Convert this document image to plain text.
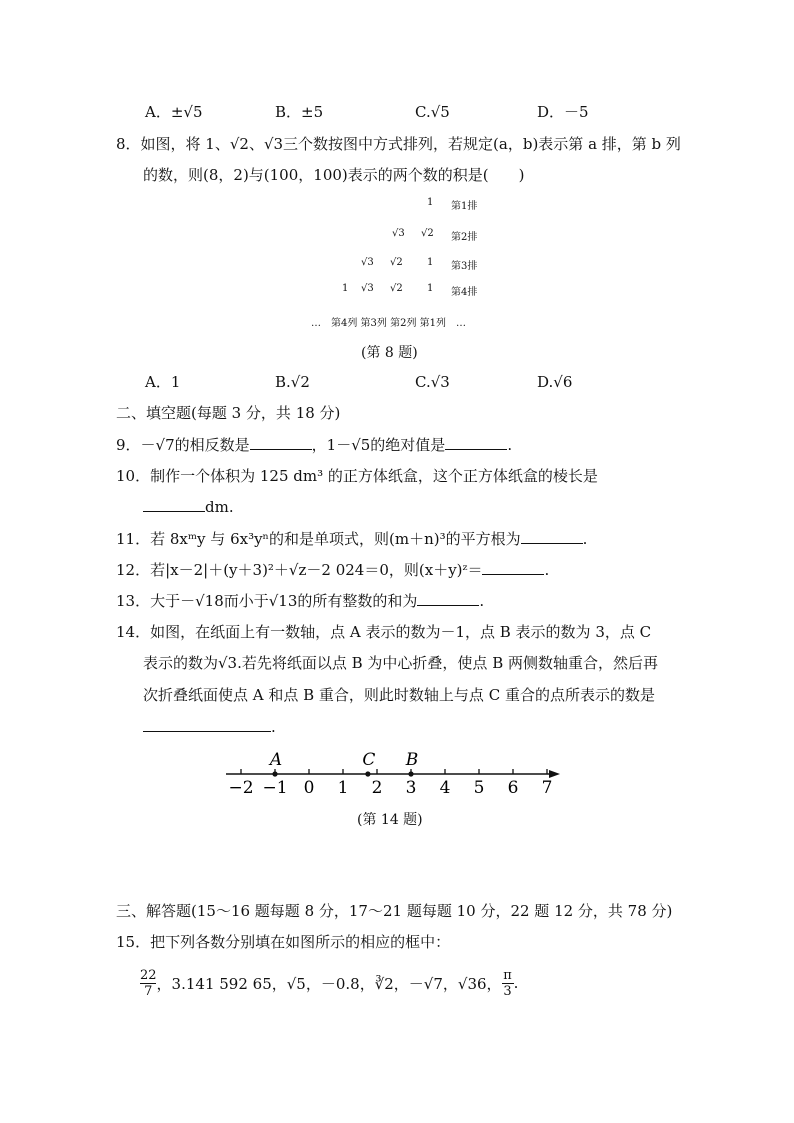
A．±√5	B．±5	C.√5	D．－5
8．如图，将 1、√2、√3三个数按图中方式排列，若规定(a，b)表示第 a 排，第 b 列
的数，则(8，2)与(100，100)表示的两个数的积是(　　)
1 第1排
√3 √2 第2排
√3 √2 1 第3排
1 √3 √2 1 第4排
…　第4列 第3列 第2列 第1列　…
(第 8 题)
A．1	B.√2	C.√3	D.√6
二、填空题(每题 3 分，共 18 分)
9．－√7的相反数是	，1－√5的绝对值是	.
10．制作一个体积为 125 dm³ 的正方体纸盒，这个正方体纸盒的棱长是
dm.
11．若 8xᵐy 与 6x³yⁿ的和是单项式，则(m＋n)³的平方根为	.
12．若|x－2|＋(y＋3)²＋√z－2 024＝0，则(x＋y)ᶻ＝	.
13．大于－√18而小于√13的所有整数的和为	.
14．如图，在纸面上有一数轴，点 A 表示的数为－1，点 B 表示的数为 3，点 C
表示的数为√3.若先将纸面以点 B 为中心折叠，使点 B 两侧数轴重合，然后再
次折叠纸面使点 A 和点 B 重合，则此时数轴上与点 C 重合的点所表示的数是
.
−2 −1 0 1 2 3 4 5 6 7
A	C B
(第 14 题)
三、解答题(15～16 题每题 8 分，17～21 题每题 10 分，22 题 12 分，共 78 分)
15．把下列各数分别填在如图所示的相应的框中：
22
7 ，3.141 592 65，√5，－0.8，∛2，－√7，√36， π
3 .
